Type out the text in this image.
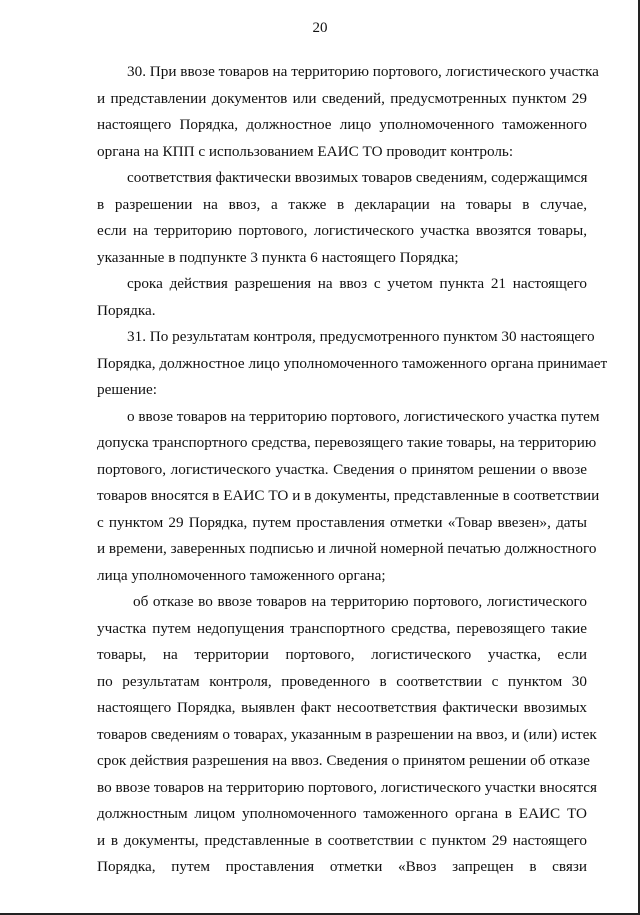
20
30. При ввозе товаров на территорию портового, логистического участка
и представлении документов или сведений, предусмотренных пунктом 29
настоящего Порядка, должностное лицо уполномоченного таможенного
органа на КПП с использованием ЕАИС ТО проводит контроль:
соответствия фактически ввозимых товаров сведениям, содержащимся
в разрешении на ввоз, а также в декларации на товары в случае,
если на территорию портового, логистического участка ввозятся товары,
указанные в подпункте 3 пункта 6 настоящего Порядка;
срока действия разрешения на ввоз с учетом пункта 21 настоящего
Порядка.
31. По результатам контроля, предусмотренного пунктом 30 настоящего
Порядка, должностное лицо уполномоченного таможенного органа принимает
решение:
о ввозе товаров на территорию портового, логистического участка путем
допуска транспортного средства, перевозящего такие товары, на территорию
портового, логистического участка. Сведения о принятом решении о ввозе
товаров вносятся в ЕАИС ТО и в документы, представленные в соответствии
с пунктом 29 Порядка, путем проставления отметки «Товар ввезен», даты
и времени, заверенных подписью и личной номерной печатью должностного
лица уполномоченного таможенного органа;
об отказе во ввозе товаров на территорию портового, логистического
участка путем недопущения транспортного средства, перевозящего такие
товары, на территории портового, логистического участка, если
по результатам контроля, проведенного в соответствии с пунктом 30
настоящего Порядка, выявлен факт несоответствия фактически ввозимых
товаров сведениям о товарах, указанным в разрешении на ввоз, и (или) истек
срок действия разрешения на ввоз. Сведения о принятом решении об отказе
во ввозе товаров на территорию портового, логистического участки вносятся
должностным лицом уполномоченного таможенного органа в ЕАИС ТО
и в документы, представленные в соответствии с пунктом 29 настоящего
Порядка, путем проставления отметки «Ввоз запрещен в связи
